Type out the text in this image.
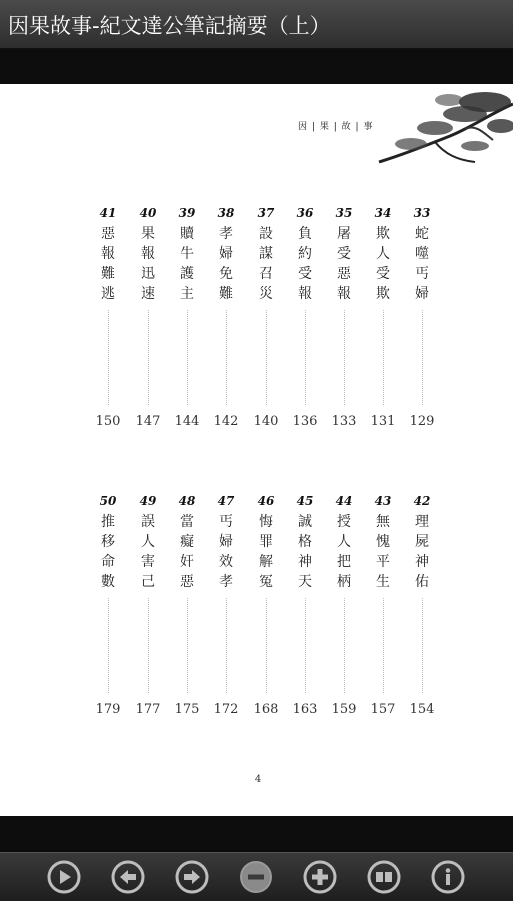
因果故事-紀文達公筆記摘要（上）
因 | 果 | 故 | 事
4
41
惡
報
難
逃
150
40
果
報
迅
速
147
39
贖
牛
護
主
144
38
孝
婦
免
難
142
37
設
謀
召
災
140
36
負
約
受
報
136
35
屠
受
惡
報
133
34
欺
人
受
欺
131
33
蛇
噬
丐
婦
129
50
推
移
命
數
179
49
誤
人
害
己
177
48
當
癡
奸
惡
175
47
丐
婦
效
孝
172
46
悔
罪
解
冤
168
45
誠
格
神
天
163
44
授
人
把
柄
159
43
無
愧
平
生
157
42
理
屍
神
佑
154
